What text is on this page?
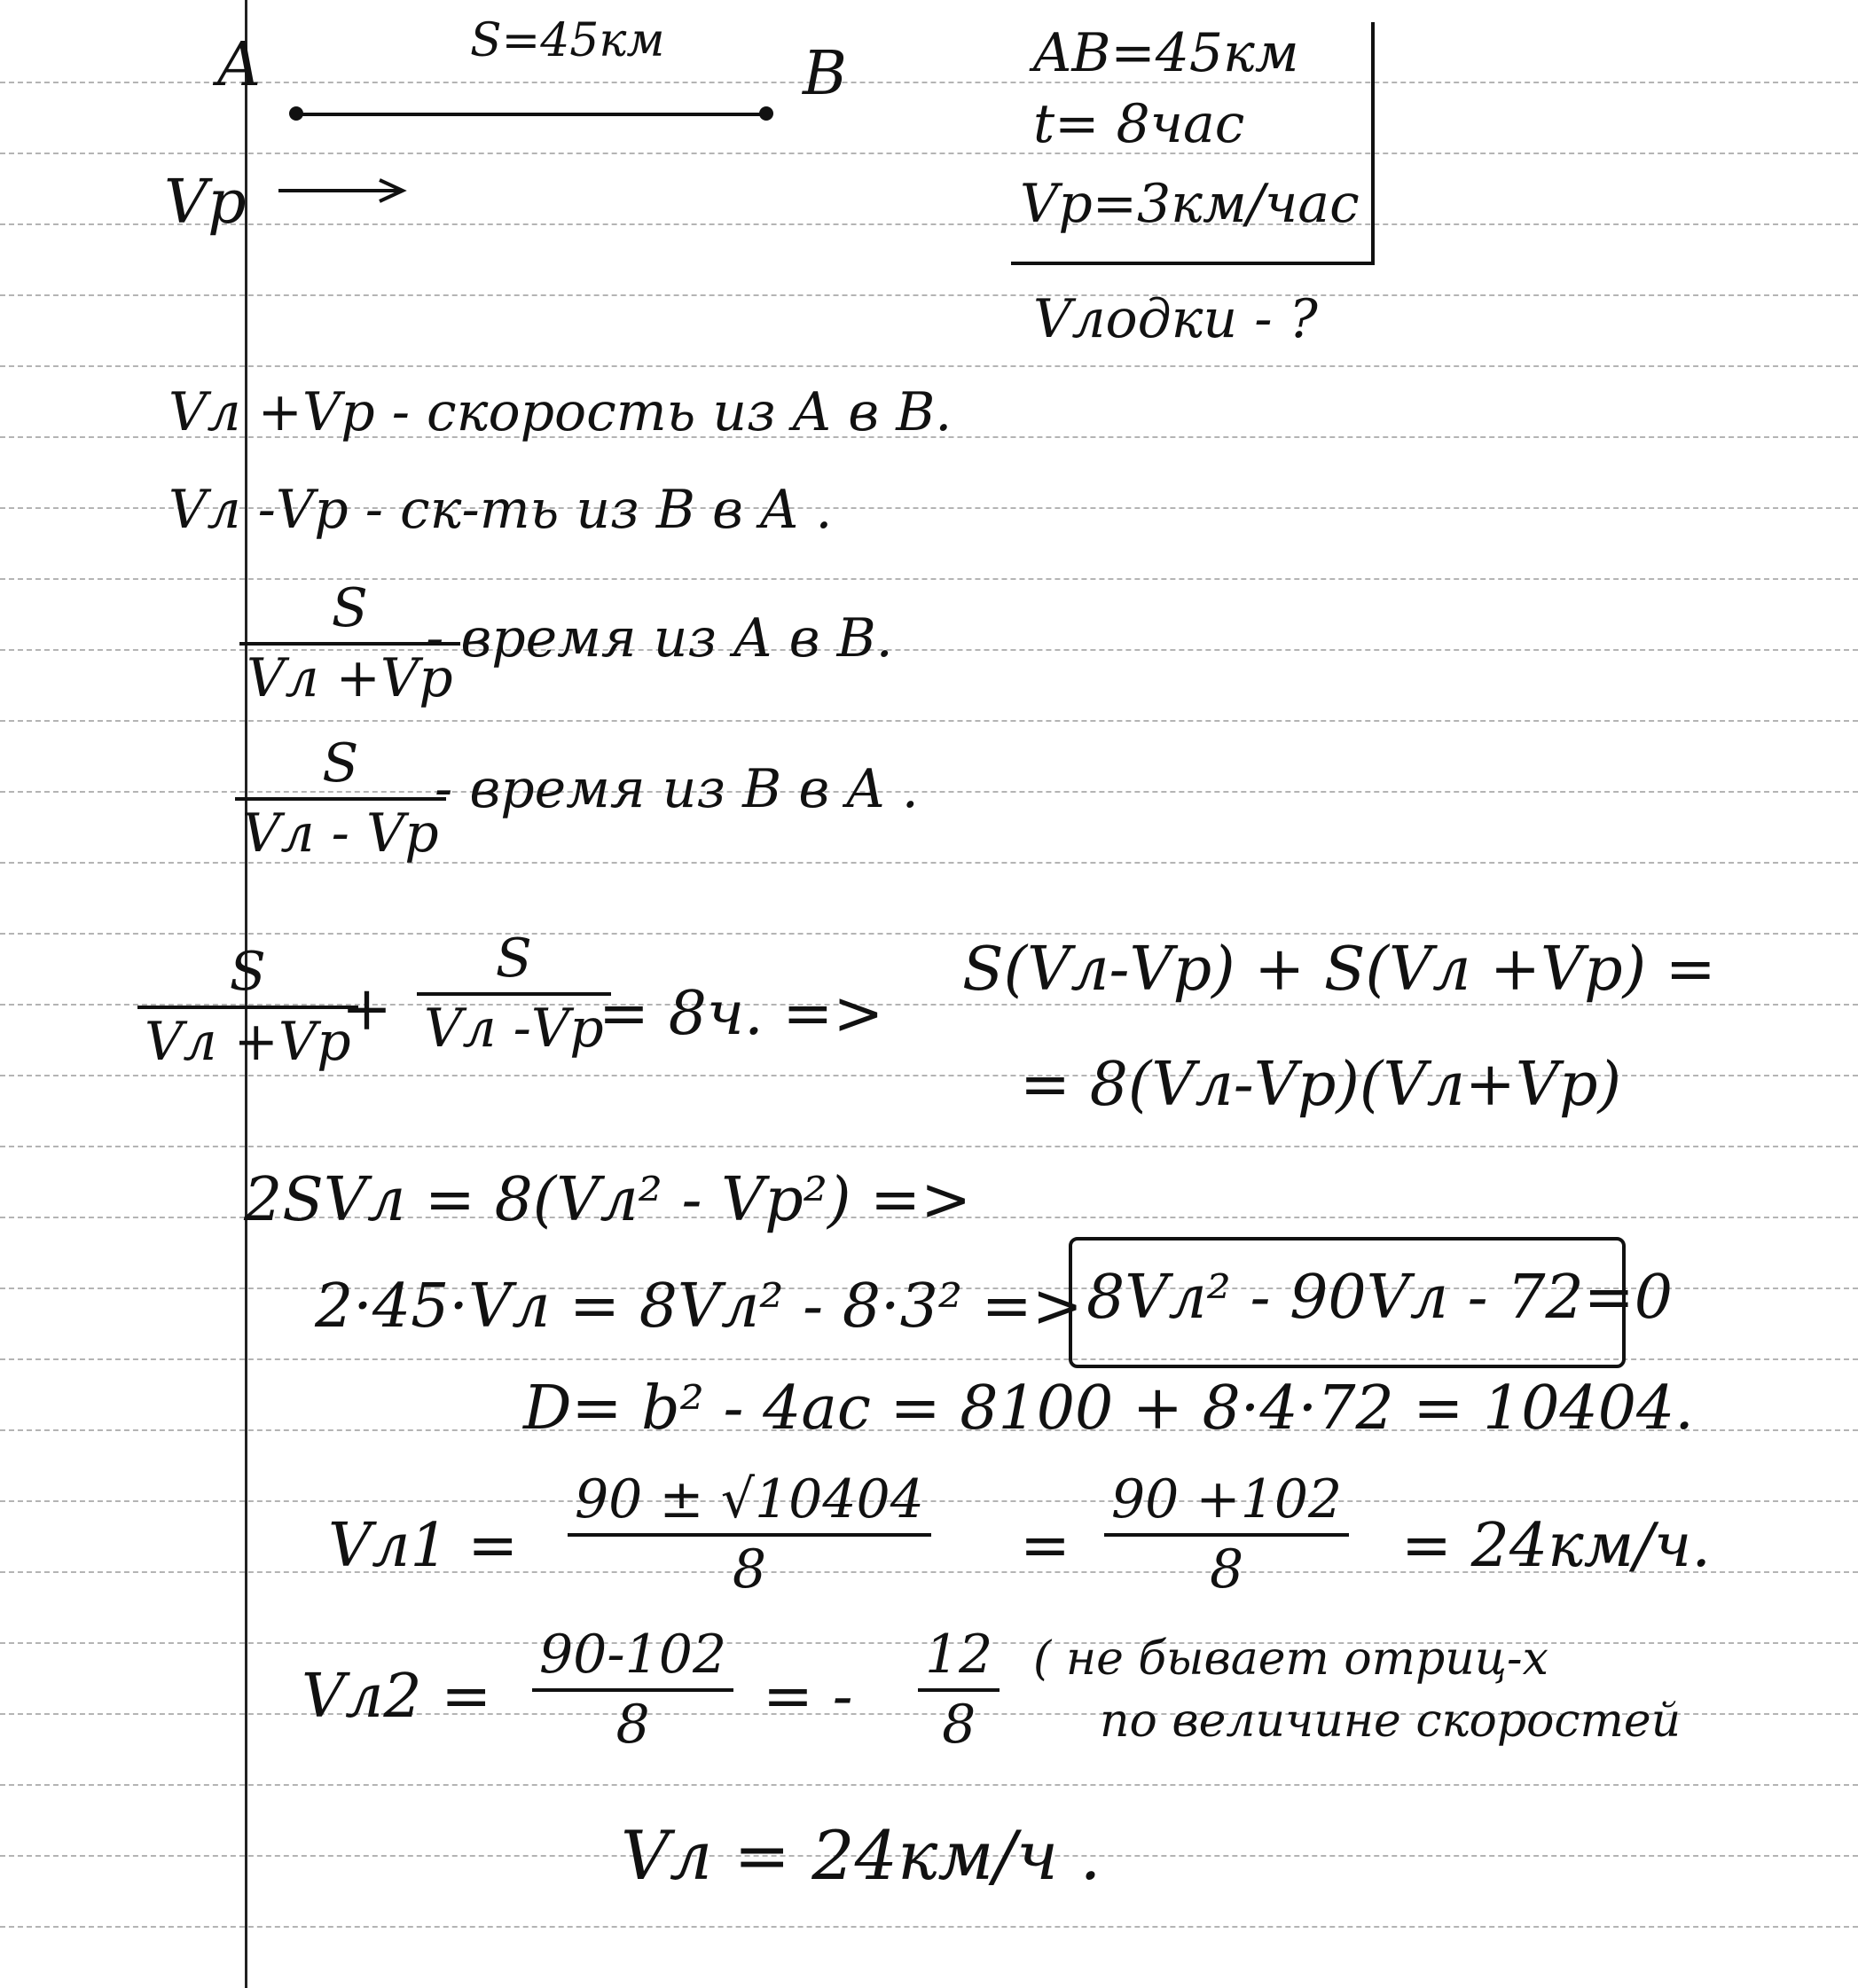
A	S=45км B
Vp
AB=45км
t= 8час
Vp=3км/час
Vлодки - ?
Vл +Vp - скорость из A в B.
Vл -Vp - ск-ть из B в A .
S
Vл +Vp
- время из A в B.
S
Vл - Vp
- время из B в A .
S
Vл +Vp
+
S
Vл -Vp
= 8ч. =>
S(Vл-Vp) + S(Vл +Vp) =
= 8(Vл-Vp)(Vл+Vp)
2SVл = 8(Vл² - Vp²) =>
2·45·Vл = 8Vл² - 8·3² => 8Vл² - 90Vл - 72=0
D= b² - 4ac = 8100 + 8·4·72 = 10404.
Vл1 =
90 ± √10404
8	=
90 +102
8	= 24км/ч.
Vл2 =
90-102
8 = -
12
8
( не бывает отриц-х
по величине скоростей
Vл = 24км/ч .
